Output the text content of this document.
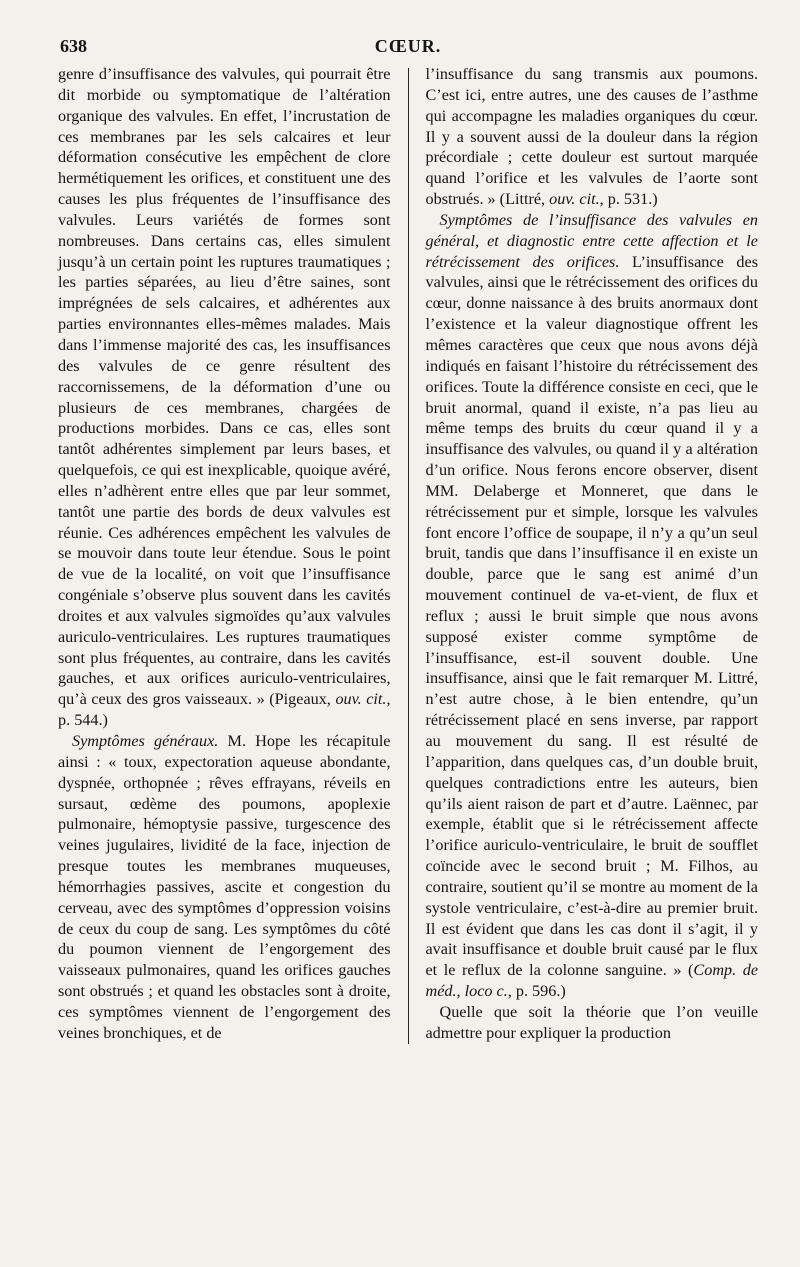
638	CŒUR.

genre d’insuffisance des valvules, qui pourrait être dit morbide ou symptomatique de l’altération organique des valvules. En effet, l’incrustation de ces membranes par les sels calcaires et leur déformation consécutive les empêchent de clore hermétiquement les orifices, et constituent une des causes les plus fréquentes de l’insuffisance des valvules. Leurs variétés de formes sont nombreuses. Dans certains cas, elles simulent jusqu’à un certain point les ruptures traumatiques ; les parties séparées, au lieu d’être saines, sont imprégnées de sels calcaires, et adhérentes aux parties environnantes elles-mêmes malades. Mais dans l’immense majorité des cas, les insuffisances des valvules de ce genre résultent des raccornissemens, de la déformation d’une ou plusieurs de ces membranes, chargées de productions morbides. Dans ce cas, elles sont tantôt adhérentes simplement par leurs bases, et quelquefois, ce qui est inexplicable, quoique avéré, elles n’adhèrent entre elles que par leur sommet, tantôt une partie des bords de deux valvules est réunie. Ces adhérences empêchent les valvules de se mouvoir dans toute leur étendue. Sous le point de vue de la localité, on voit que l’insuffisance congéniale s’observe plus souvent dans les cavités droites et aux valvules sigmoïdes qu’aux valvules auriculo-ventriculaires. Les ruptures traumatiques sont plus fréquentes, au contraire, dans les cavités gauches, et aux orifices auriculo-ventriculaires, qu’à ceux des gros vaisseaux. » (Pigeaux, ouv. cit., p. 544.)

Symptômes généraux. M. Hope les récapitule ainsi : « toux, expectoration aqueuse abondante, dyspnée, orthopnée ; rêves effrayans, réveils en sursaut, œdème des poumons, apoplexie pulmonaire, hémoptysie passive, turgescence des veines jugulaires, lividité de la face, injection de presque toutes les membranes muqueuses, hémorrhagies passives, ascite et congestion du cerveau, avec des symptômes d’oppression voisins de ceux du coup de sang. Les symptômes du côté du poumon viennent de l’engorgement des vaisseaux pulmonaires, quand les orifices gauches sont obstrués ; et quand les obstacles sont à droite, ces symptômes viennent de l’engorgement des veines bronchiques, et de

l’insuffisance du sang transmis aux poumons. C’est ici, entre autres, une des causes de l’asthme qui accompagne les maladies organiques du cœur. Il y a souvent aussi de la douleur dans la région précordiale ; cette douleur est surtout marquée quand l’orifice et les valvules de l’aorte sont obstrués. » (Littré, ouv. cit., p. 531.)

Symptômes de l’insuffisance des valvules en général, et diagnostic entre cette affection et le rétrécissement des orifices. L’insuffisance des valvules, ainsi que le rétrécissement des orifices du cœur, donne naissance à des bruits anormaux dont l’existence et la valeur diagnostique offrent les mêmes caractères que ceux que nous avons déjà indiqués en faisant l’histoire du rétrécissement des orifices. Toute la différence consiste en ceci, que le bruit anormal, quand il existe, n’a pas lieu au même temps des bruits du cœur quand il y a insuffisance des valvules, ou quand il y a altération d’un orifice. Nous ferons encore observer, disent MM. Delaberge et Monneret, que dans le rétrécissement pur et simple, lorsque les valvules font encore l’office de soupape, il n’y a qu’un seul bruit, tandis que dans l’insuffisance il en existe un double, parce que le sang est animé d’un mouvement continuel de va-et-vient, de flux et reflux ; aussi le bruit simple que nous avons supposé exister comme symptôme de l’insuffisance, est-il souvent double. Une insuffisance, ainsi que le fait remarquer M. Littré, n’est autre chose, à le bien entendre, qu’un rétrécissement placé en sens inverse, par rapport au mouvement du sang. Il est résulté de l’apparition, dans quelques cas, d’un double bruit, quelques contradictions entre les auteurs, bien qu’ils aient raison de part et d’autre. Laënnec, par exemple, établit que si le rétrécissement affecte l’orifice auriculo-ventriculaire, le bruit de soufflet coïncide avec le second bruit ; M. Filhos, au contraire, soutient qu’il se montre au moment de la systole ventriculaire, c’est-à-dire au premier bruit. Il est évident que dans les cas dont il s’agit, il y avait insuffisance et double bruit causé par le flux et le reflux de la colonne sanguine. » (Comp. de méd., loco c., p. 596.)

Quelle que soit la théorie que l’on veuille admettre pour expliquer la production
